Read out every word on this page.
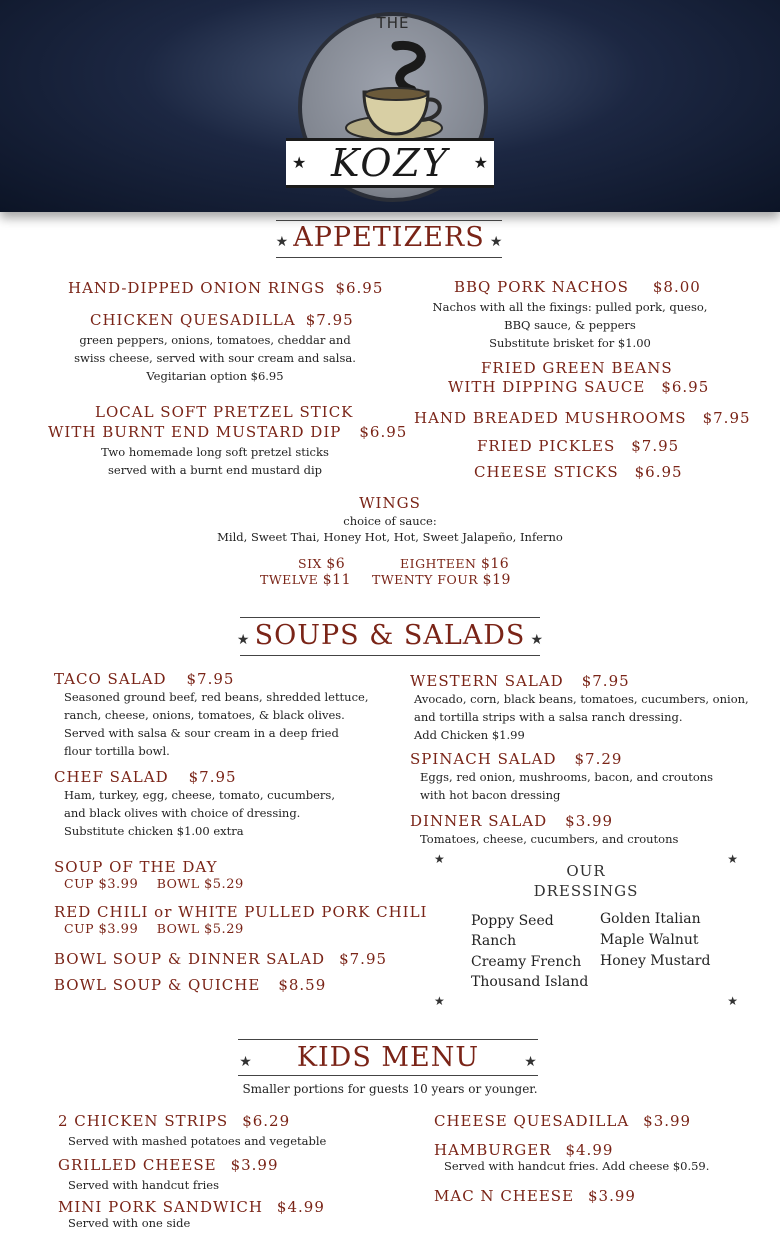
THE
★ KOZY ★
★ APPETIZERS ★
HAND-DIPPED ONION RINGS $6.95
CHICKEN QUESADILLA $7.95
green peppers, onions, tomatoes, cheddar and
swiss cheese, served with sour cream and salsa.
Vegitarian option $6.95
LOCAL SOFT PRETZEL STICK
WITH BURNT END MUSTARD DIP $6.95
Two homemade long soft pretzel sticks
served with a burnt end mustard dip
BBQ PORK NACHOS $8.00
Nachos with all the fixings: pulled pork, queso,
BBQ sauce, & peppers
Substitute brisket for $1.00
FRIED GREEN BEANS
WITH DIPPING SAUCE $6.95
HAND BREADED MUSHROOMS $7.95
FRIED PICKLES $7.95
CHEESE STICKS $6.95
WINGS
choice of sauce:
Mild, Sweet Thai, Honey Hot, Hot, Sweet Jalapeño, Inferno
SIX $6
TWELVE $11
EIGHTEEN $16
TWENTY FOUR $19
★ SOUPS & SALADS ★
TACO SALAD $7.95
Seasoned ground beef, red beans, shredded lettuce,
ranch, cheese, onions, tomatoes, & black olives.
Served with salsa & sour cream in a deep fried
flour tortilla bowl.
CHEF SALAD $7.95
Ham, turkey, egg, cheese, tomato, cucumbers,
and black olives with choice of dressing.
Substitute chicken $1.00 extra
SOUP OF THE DAY
CUP $3.99 BOWL $5.29
RED CHILI or WHITE PULLED PORK CHILI
CUP $3.99 BOWL $5.29
BOWL SOUP & DINNER SALAD $7.95
BOWL SOUP & QUICHE $8.59
WESTERN SALAD $7.95
Avocado, corn, black beans, tomatoes, cucumbers, onion,
and tortilla strips with a salsa ranch dressing.
Add Chicken $1.99
SPINACH SALAD $7.29
Eggs, red onion, mushrooms, bacon, and croutons
with hot bacon dressing
DINNER SALAD $3.99
Tomatoes, cheese, cucumbers, and croutons
★	★
★	★
OUR
DRESSINGS
Poppy Seed
Ranch
Creamy French
Thousand Island
Golden Italian
Maple Walnut
Honey Mustard
★ KIDS MENU	★
Smaller portions for guests 10 years or younger.
2 CHICKEN STRIPS $6.29
Served with mashed potatoes and vegetable
GRILLED CHEESE $3.99
Served with handcut fries
MINI PORK SANDWICH $4.99
Served with one side
CHEESE QUESADILLA $3.99
HAMBURGER $4.99
Served with handcut fries. Add cheese $0.59.
MAC N CHEESE $3.99
